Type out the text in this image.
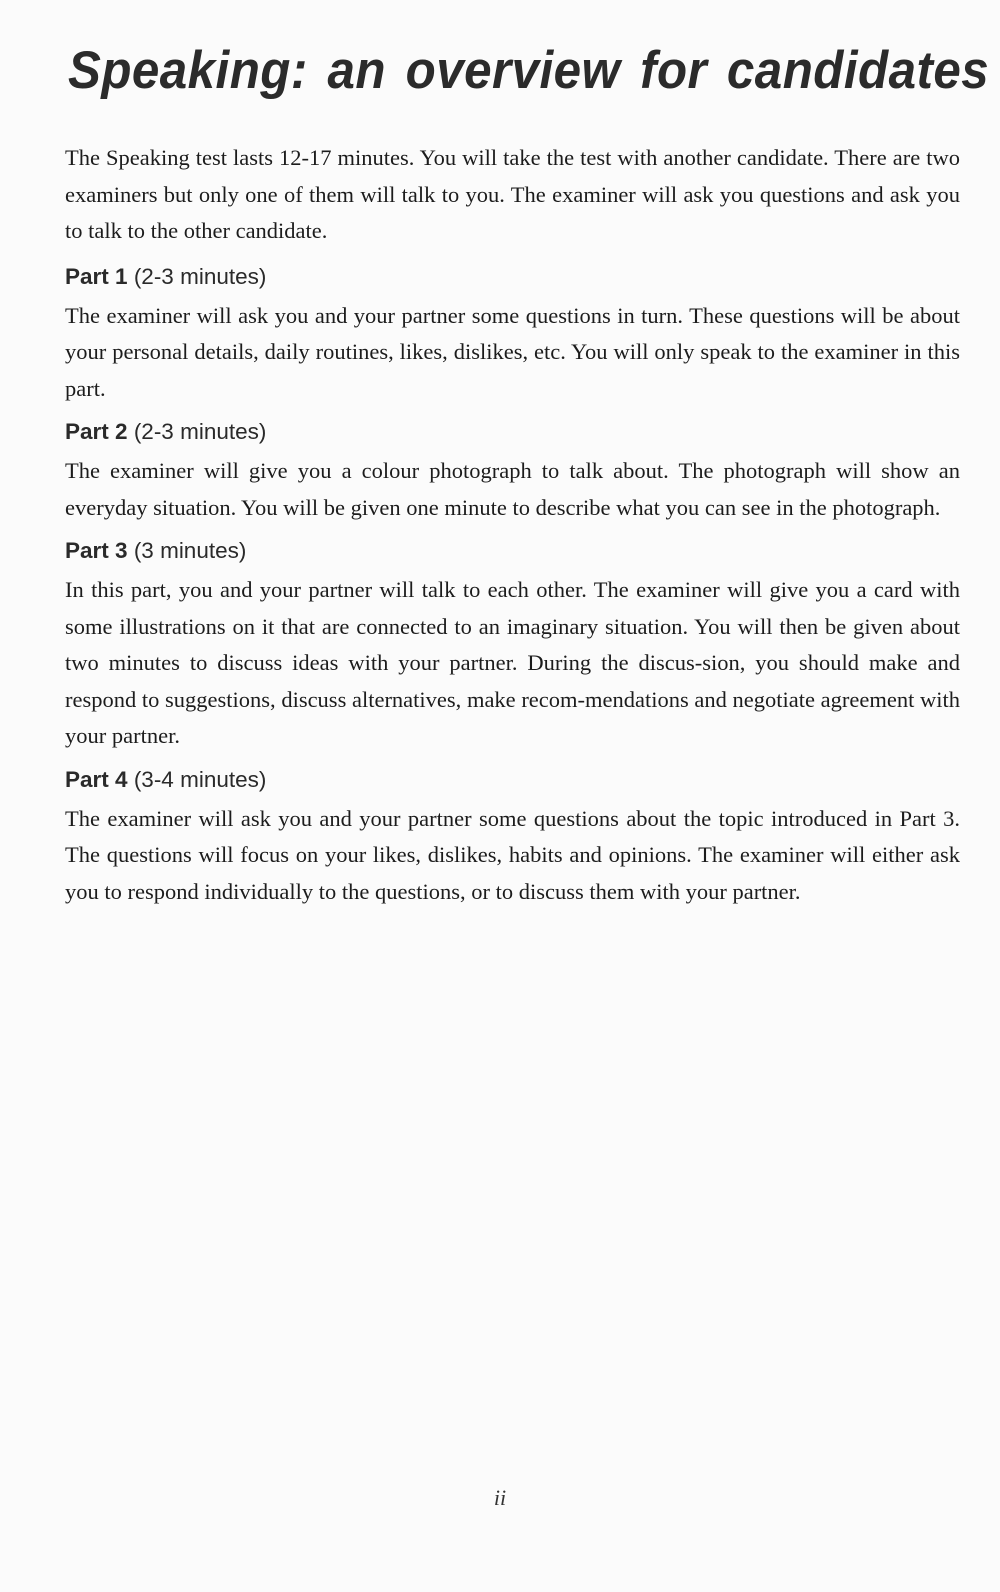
Speaking: an overview for candidates

The Speaking test lasts 12-17 minutes. You will take the test with another candidate. There are two examiners but only one of them will talk to you. The examiner will ask you questions and ask you to talk to the other candidate.

Part 1 (2-3 minutes)

The examiner will ask you and your partner some questions in turn. These questions will be about your personal details, daily routines, likes, dislikes, etc. You will only speak to the examiner in this part.

Part 2 (2-3 minutes)

The examiner will give you a colour photograph to talk about. The photograph will show an everyday situation. You will be given one minute to describe what you can see in the photograph.

Part 3 (3 minutes)

In this part, you and your partner will talk to each other. The examiner will give you a card with some illustrations on it that are connected to an imaginary situation. You will then be given about two minutes to discuss ideas with your partner. During the discus-sion, you should make and respond to suggestions, discuss alternatives, make recom-mendations and negotiate agreement with your partner.

Part 4 (3-4 minutes)

The examiner will ask you and your partner some questions about the topic introduced in Part 3. The questions will focus on your likes, dislikes, habits and opinions. The examiner will either ask you to respond individually to the questions, or to discuss them with your partner.

ii
